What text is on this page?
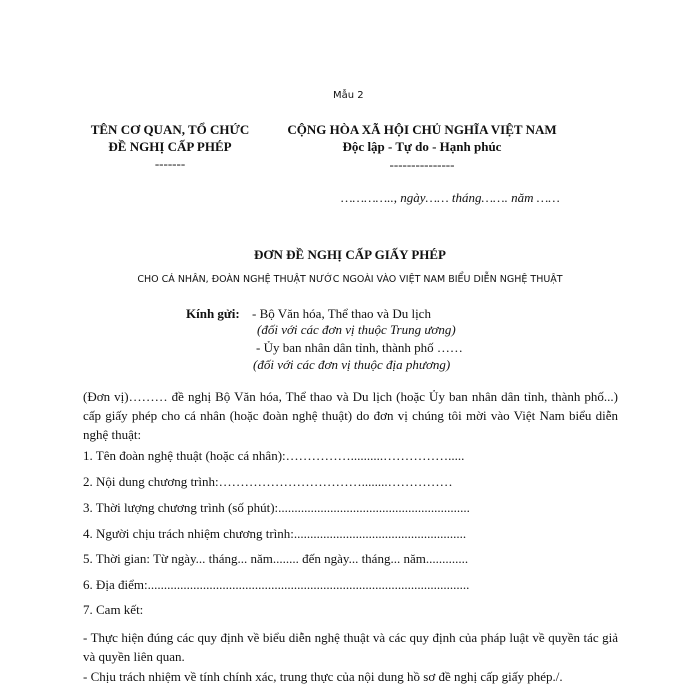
Mẫu 2
TÊN CƠ QUAN, TỔ CHỨC
ĐỀ NGHỊ CẤP PHÉP
-------
CỘNG HÒA XÃ HỘI CHỦ NGHĨA VIỆT NAM
Độc lập - Tự do - Hạnh phúc
---------------
………….., ngày…… tháng……. năm ……
ĐƠN ĐỀ NGHỊ CẤP GIẤY PHÉP
CHO CÁ NHÂN, ĐOÀN NGHỆ THUẬT NƯỚC NGOÀI VÀO VIỆT NAM BIỂU DIỄN NGHỆ THUẬT
Kính gửi: - Bộ Văn hóa, Thể thao và Du lịch
(đối với các đơn vị thuộc Trung ương)
- Ủy ban nhân dân tỉnh, thành phố ……
(đối với các đơn vị thuộc địa phương)
(Đơn vị)……… đề nghị Bộ Văn hóa, Thể thao và Du lịch (hoặc Ủy ban nhân dân tỉnh, thành phố...) cấp giấy phép cho cá nhân (hoặc đoàn nghệ thuật) do đơn vị chúng tôi mời vào Việt Nam biểu diễn nghệ thuật:
1. Tên đoàn nghệ thuật (hoặc cá nhân):……………..........…………….....
2. Nội dung chương trình:……………………………........……………
3. Thời lượng chương trình (số phút):...........................................................
4. Người chịu trách nhiệm chương trình:.....................................................
5. Thời gian: Từ ngày... tháng... năm........ đến ngày... tháng... năm.............
6. Địa điểm:...................................................................................................
7. Cam kết:
- Thực hiện đúng các quy định về biểu diễn nghệ thuật và các quy định của pháp luật về quyền tác giả và quyền liên quan.
- Chịu trách nhiệm về tính chính xác, trung thực của nội dung hồ sơ đề nghị cấp giấy phép./.
